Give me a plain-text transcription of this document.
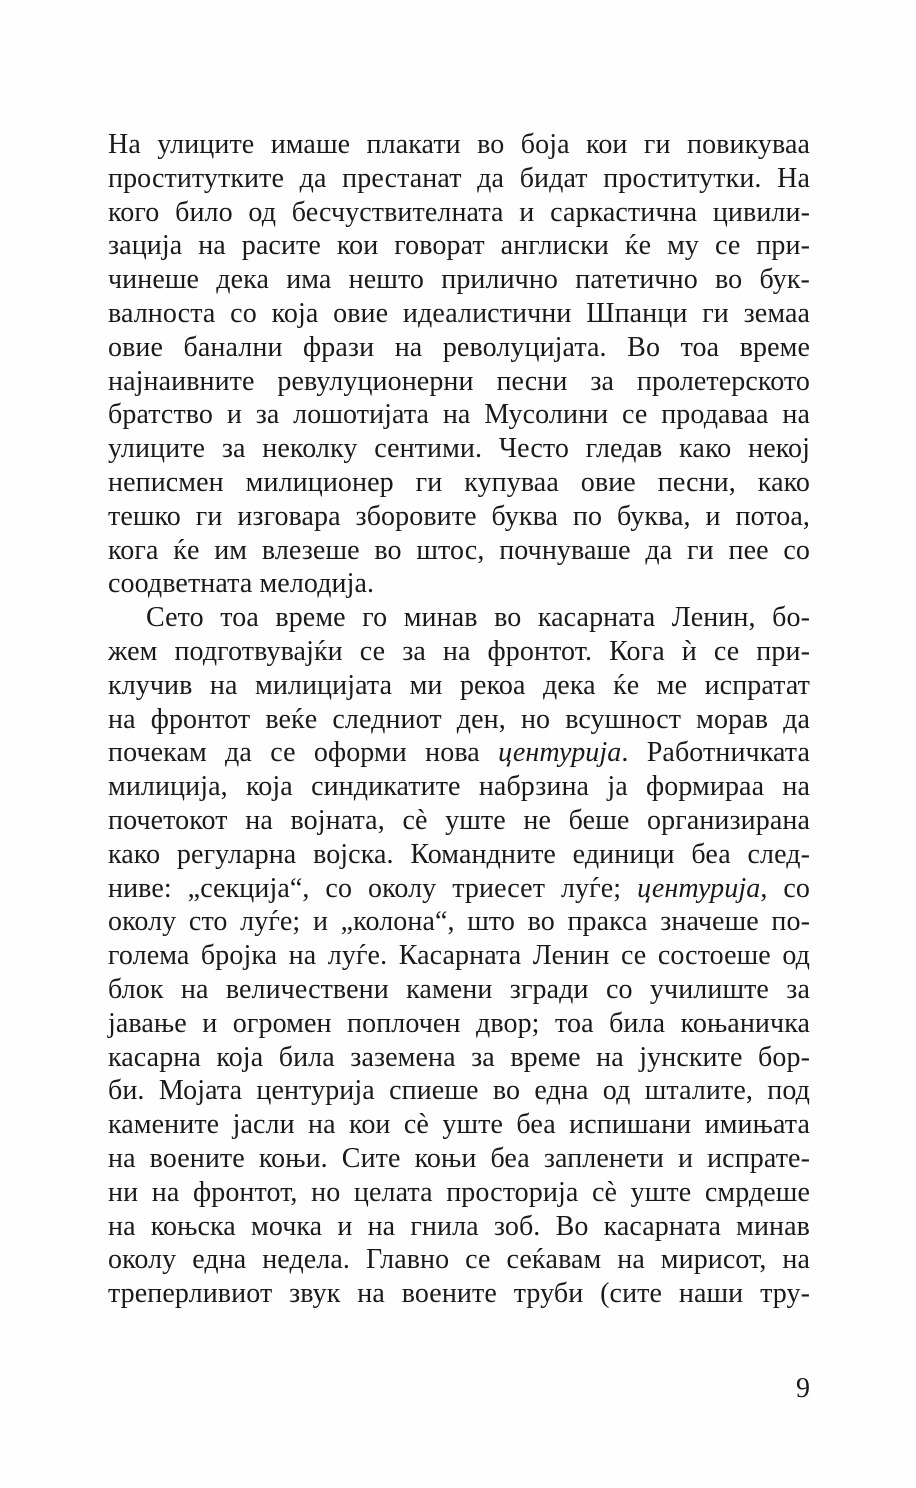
На улиците имаше плакати во боја кои ги повикуваа
проститутките да престанат да бидат проститутки. На
кого било од бесчуствителната и саркастична цивили-
зација на расите кои говорат англиски ќе му се при-
чинеше дека има нешто прилично патетично во бук-
валноста со која овие идеалистични Шпанци ги земаа
овие банални фрази на револуцијата. Во тоа време
најнаивните ревулуционерни песни за пролетерското
братство и за лошотијата на Мусолини се продаваа на
улиците за неколку сентими. Често гледав како некој
неписмен милиционер ги купуваа овие песни, како
тешко ги изговара зборовите буква по буква, и потоа,
кога ќе им влезеше во штос, почнуваше да ги пее со
соодветната мелодија.
Сето тоа време го минав во касарната Ленин, бо-
жем подготвувајќи се за на фронтот. Кога ѝ се при-
клучив на милицијата ми рекоа дека ќе ме испратат
на фронтот веќе следниот ден, но всушност морав да
почекам да се оформи нова центурија. Работничката
милиција, која синдикатите набрзина ја формираа на
почетокот на војната, сѐ уште не беше организирана
како регуларна војска. Командните единици беа след-
ниве: „секција“, со околу триесет луѓе; центурија, со
околу сто луѓе; и „колона“, што во пракса значеше по-
голема бројка на луѓе. Касарната Ленин се состоеше од
блок на величествени камени згради со училиште за
јавање и огромен поплочен двор; тоа била коњаничка
касарна која била заземена за време на јунските бор-
би. Мојата центурија спиеше во една од шталите, под
камените јасли на кои сѐ уште беа испишани имињата
на воените коњи. Сите коњи беа запленети и испрате-
ни на фронтот, но целата просторија сѐ уште смрдеше
на коњска мочка и на гнила зоб. Во касарната минав
околу една недела. Главно се сеќавам на мирисот, на
треперливиот звук на воените труби (сите наши тру-
9
